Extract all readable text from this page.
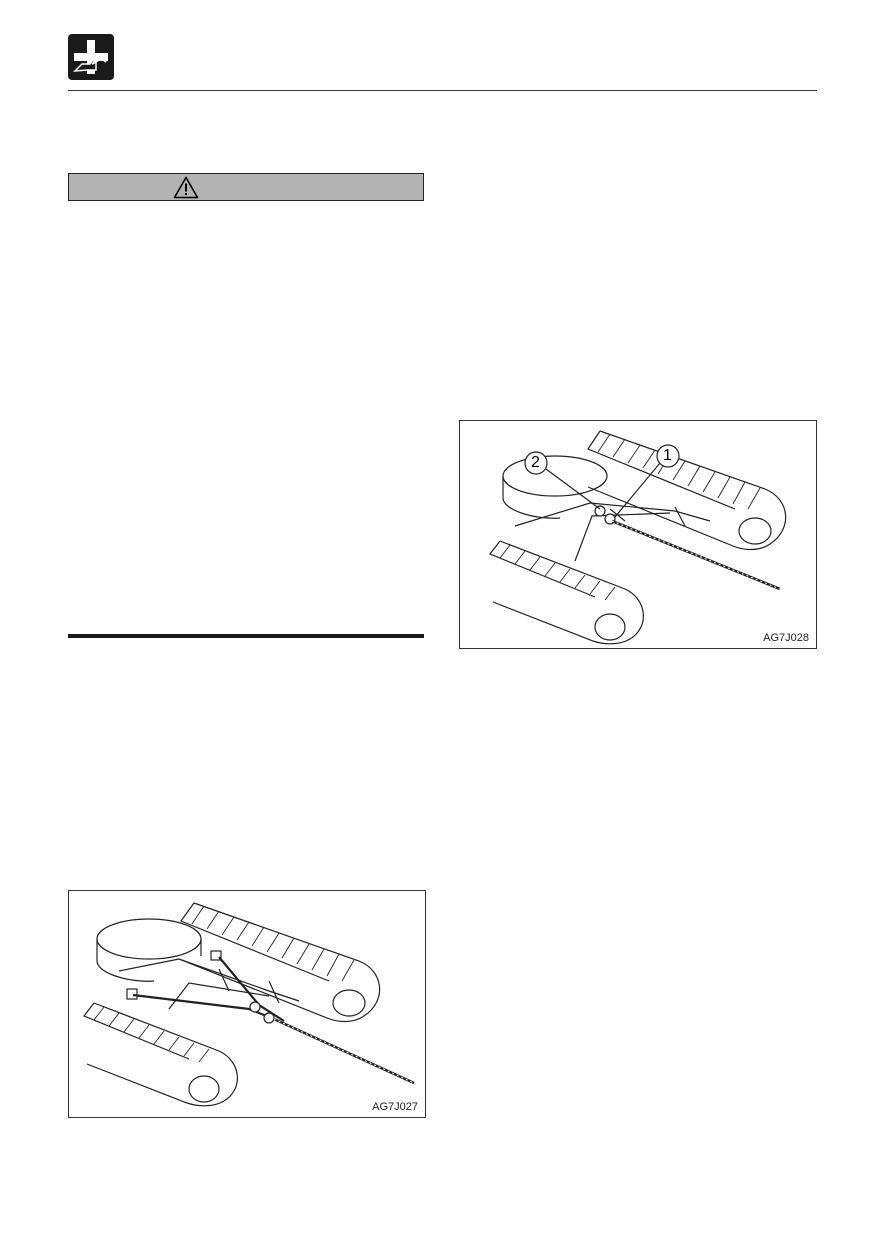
AG7J027
1
2
AG7J028
